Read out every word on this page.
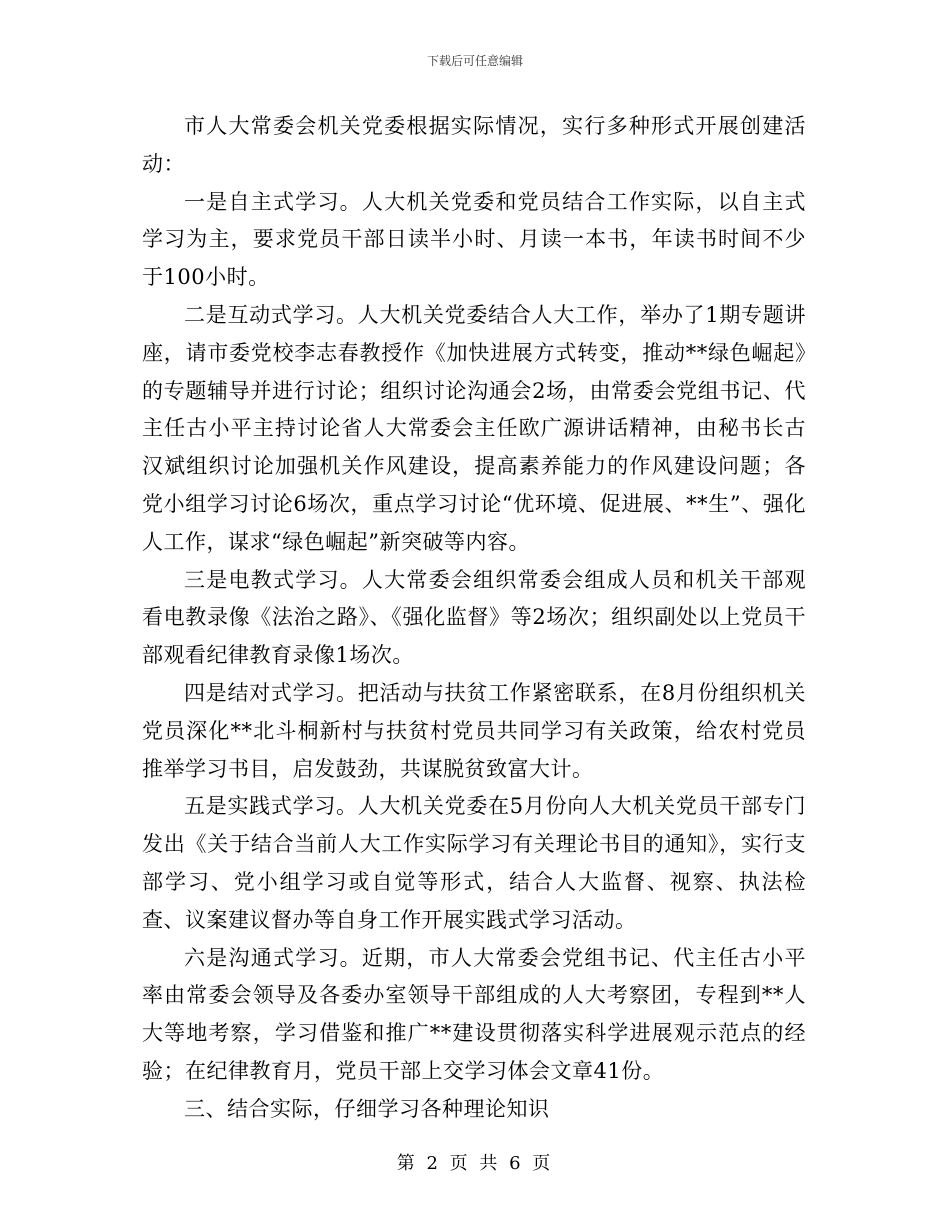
下载后可任意编辑

市人大常委会机关党委根据实际情况，实行多种形式开展创建活动：

一是自主式学习。人大机关党委和党员结合工作实际，以自主式学习为主，要求党员干部日读半小时、月读一本书，年读书时间不少于100小时。

二是互动式学习。人大机关党委结合人大工作，举办了1期专题讲座，请市委党校李志春教授作《加快进展方式转变，推动**绿色崛起》的专题辅导并进行讨论；组织讨论沟通会2场，由常委会党组书记、代主任古小平主持讨论省人大常委会主任欧广源讲话精神，由秘书长古汉斌组织讨论加强机关作风建设，提高素养能力的作风建设问题；各党小组学习讨论6场次，重点学习讨论“优环境、促进展、**生”、强化人工作，谋求“绿色崛起”新突破等内容。

三是电教式学习。人大常委会组织常委会组成人员和机关干部观看电教录像《法治之路》、《强化监督》等2场次；组织副处以上党员干部观看纪律教育录像1场次。

四是结对式学习。把活动与扶贫工作紧密联系，在8月份组织机关党员深化**北斗桐新村与扶贫村党员共同学习有关政策，给农村党员推举学习书目，启发鼓劲，共谋脱贫致富大计。

五是实践式学习。人大机关党委在5月份向人大机关党员干部专门发出《关于结合当前人大工作实际学习有关理论书目的通知》，实行支部学习、党小组学习或自觉等形式，结合人大监督、视察、执法检查、议案建议督办等自身工作开展实践式学习活动。

六是沟通式学习。近期，市人大常委会党组书记、代主任古小平率由常委会领导及各委办室领导干部组成的人大考察团，专程到**人大等地考察，学习借鉴和推广**建设贯彻落实科学进展观示范点的经验；在纪律教育月，党员干部上交学习体会文章41份。

三、结合实际，仔细学习各种理论知识

第 2 页 共 6 页
